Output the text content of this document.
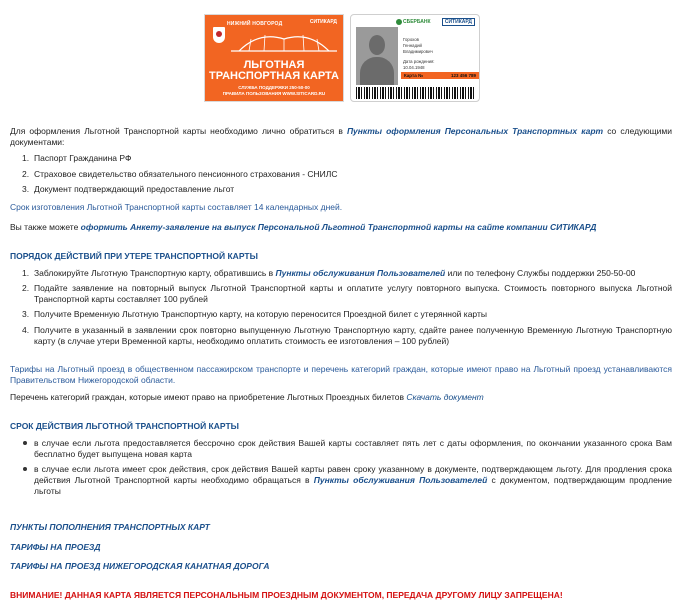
НИЖНИЙ НОВГОРОД	СИТИКАРД
ЛЬГОТНАЯ
ТРАНСПОРТНАЯ КАРТА
СЛУЖБА ПОДДЕРЖКИ 250-50-00
ПРАВИЛА ПОЛЬЗОВАНИЯ WWW.SITICARD.RU
СБЕРБАНК	СИТИКАРД
Горохов
Геннадий
Владимирович
Дата рождения:
10.04.1948
Карта №	123 456 789
Для оформления Льготной Транспортной карты необходимо лично обратиться в Пункты оформления Персональных Транспортных карт со следующими документами:
1. Паспорт Гражданина РФ
2. Страховое свидетельство обязательного пенсионного страхования - СНИЛС
3. Документ подтверждающий предоставление льгот
Срок изготовления Льготной Транспортной карты составляет 14 календарных дней.
Вы также можете оформить Анкету-заявление на выпуск Персональной Льготной Транспортной карты на сайте компании СИТИКАРД
ПОРЯДОК ДЕЙСТВИЙ ПРИ УТЕРЕ ТРАНСПОРТНОЙ КАРТЫ
1. Заблокируйте Льготную Транспортную карту, обратившись в Пункты обслуживания Пользователей или по телефону Службы поддержки 250-50-00
2. Подайте заявление на повторный выпуск Льготной Транспортной карты и оплатите услугу повторного выпуска. Стоимость повторного выпуска Льготной Транспортной карты составляет 100 рублей
3. Получите Временную Льготную Транспортную карту, на которую переносится Проездной билет с утерянной карты
4. Получите в указанный в заявлении срок повторно выпущенную Льготную Транспортную карту, сдайте ранее полученную Временную Льготную Транспортную карту (в случае утери Временной карты, необходимо оплатить стоимость ее изготовления – 100 рублей)
Тарифы на Льготный проезд в общественном пассажирском транспорте и перечень категорий граждан, которые имеют право на Льготный проезд устанавливаются Правительством Нижегородской области.
Перечень категорий граждан, которые имеют право на приобретение Льготных Проездных билетов Скачать документ
СРОК ДЕЙСТВИЯ ЛЬГОТНОЙ ТРАНСПОРТНОЙ КАРТЫ
в случае если льгота предоставляется бессрочно срок действия Вашей карты составляет пять лет с даты оформления, по окончании указанного срока Вам бесплатно будет выпущена новая карта
в случае если льгота имеет срок действия, срок действия Вашей карты равен сроку указанному в документе, подтверждающем льготу. Для продления срока действия Льготной Транспортной карты необходимо обращаться в Пункты обслуживания Пользователей с документом, подтверждающим продление льготы
ПУНКТЫ ПОПОЛНЕНИЯ ТРАНСПОРТНЫХ КАРТ
ТАРИФЫ НА ПРОЕЗД
ТАРИФЫ НА ПРОЕЗД НИЖЕГОРОДСКАЯ КАНАТНАЯ ДОРОГА
ВНИМАНИЕ! ДАННАЯ КАРТА ЯВЛЯЕТСЯ ПЕРСОНАЛЬНЫМ ПРОЕЗДНЫМ ДОКУМЕНТОМ, ПЕРЕДАЧА ДРУГОМУ ЛИЦУ ЗАПРЕЩЕНА!
